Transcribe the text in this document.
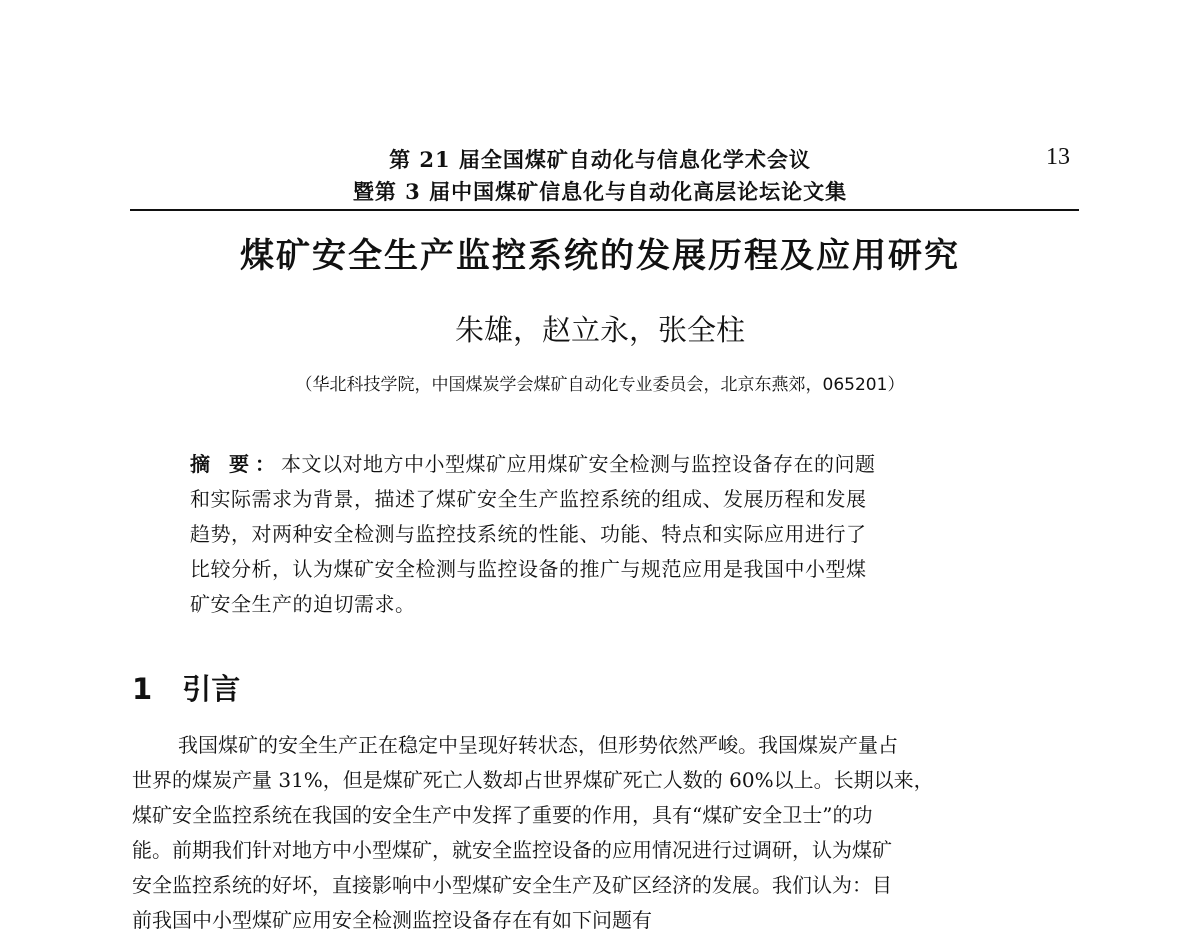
第 21 届全国煤矿自动化与信息化学术会议
暨第 3 届中国煤矿信息化与自动化高层论坛论文集
13
煤矿安全生产监控系统的发展历程及应用研究
朱雄，赵立永，张全柱
（华北科技学院，中国煤炭学会煤矿自动化专业委员会，北京东燕郊，065201）
摘 要：本文以对地方中小型煤矿应用煤矿安全检测与监控设备存在的问题
和实际需求为背景，描述了煤矿安全生产监控系统的组成、发展历程和发展
趋势，对两种安全检测与监控技系统的性能、功能、特点和实际应用进行了
比较分析，认为煤矿安全检测与监控设备的推广与规范应用是我国中小型煤
矿安全生产的迫切需求。
1 引言
我国煤矿的安全生产正在稳定中呈现好转状态，但形势依然严峻。我国煤炭产量占
世界的煤炭产量 31%，但是煤矿死亡人数却占世界煤矿死亡人数的 60%以上。长期以来，
煤矿安全监控系统在我国的安全生产中发挥了重要的作用，具有“煤矿安全卫士”的功
能。前期我们针对地方中小型煤矿，就安全监控设备的应用情况进行过调研，认为煤矿
安全监控系统的好坏，直接影响中小型煤矿安全生产及矿区经济的发展。我们认为：目
前我国中小型煤矿应用安全检测监控设备存在有如下问题有
